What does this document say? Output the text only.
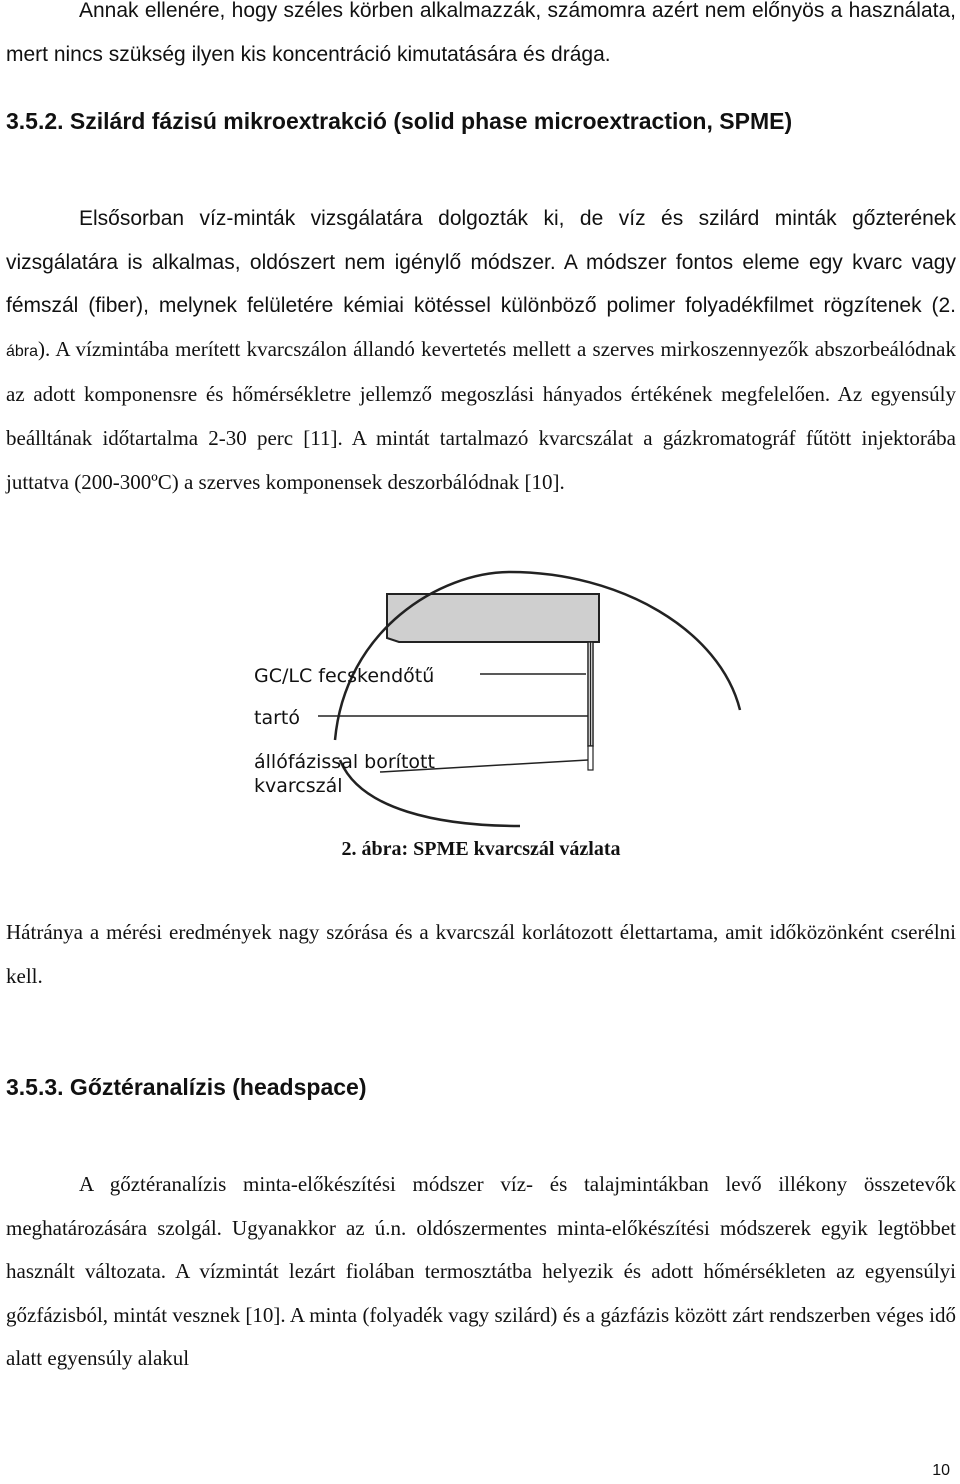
Annak ellenére, hogy széles körben alkalmazzák, számomra azért nem előnyös a használata, mert nincs szükség ilyen kis koncentráció kimutatására és drága.

3.5.2. Szilárd fázisú mikroextrakció (solid phase microextraction, SPME)

Elsősorban víz-minták vizsgálatára dolgozták ki, de víz és szilárd minták gőzterének vizsgálatára is alkalmas, oldószert nem igénylő módszer. A módszer fontos eleme egy kvarc vagy fémszál (fiber), melynek felületére kémiai kötéssel különböző polimer folyadékfilmet rögzítenek (2. ábra). A vízmintába merített kvarcszálon állandó kevertetés mellett a szerves mirkoszennyezők abszorbeálódnak az adott komponensre és hőmérsékletre jellemző megoszlási hányados értékének megfelelően. Az egyensúly beálltának időtartalma 2-30 perc [11]. A mintát tartalmazó kvarcszálat a gázkromatográf fűtött injektorába juttatva (200-300ºC) a szerves komponensek deszorbálódnak [10].

GC/LC fecskendőtű
tartó
állófázissal borított
kvarcszál

2. ábra: SPME kvarcszál vázlata

Hátránya a mérési eredmények nagy szórása és a kvarcszál korlátozott élettartama, amit időközönként cserélni kell.

3.5.3. Gőztéranalízis (headspace)

A gőztéranalízis minta-előkészítési módszer víz- és talajmintákban levő illékony összetevők meghatározására szolgál. Ugyanakkor az ú.n. oldószermentes minta-előkészítési módszerek egyik legtöbbet használt változata. A vízmintát lezárt fiolában termosztátba helyezik és adott hőmérsékleten az egyensúlyi gőzfázisból, mintát vesznek [10]. A minta (folyadék vagy szilárd) és a gázfázis között zárt rendszerben véges idő alatt egyensúly alakul

10
